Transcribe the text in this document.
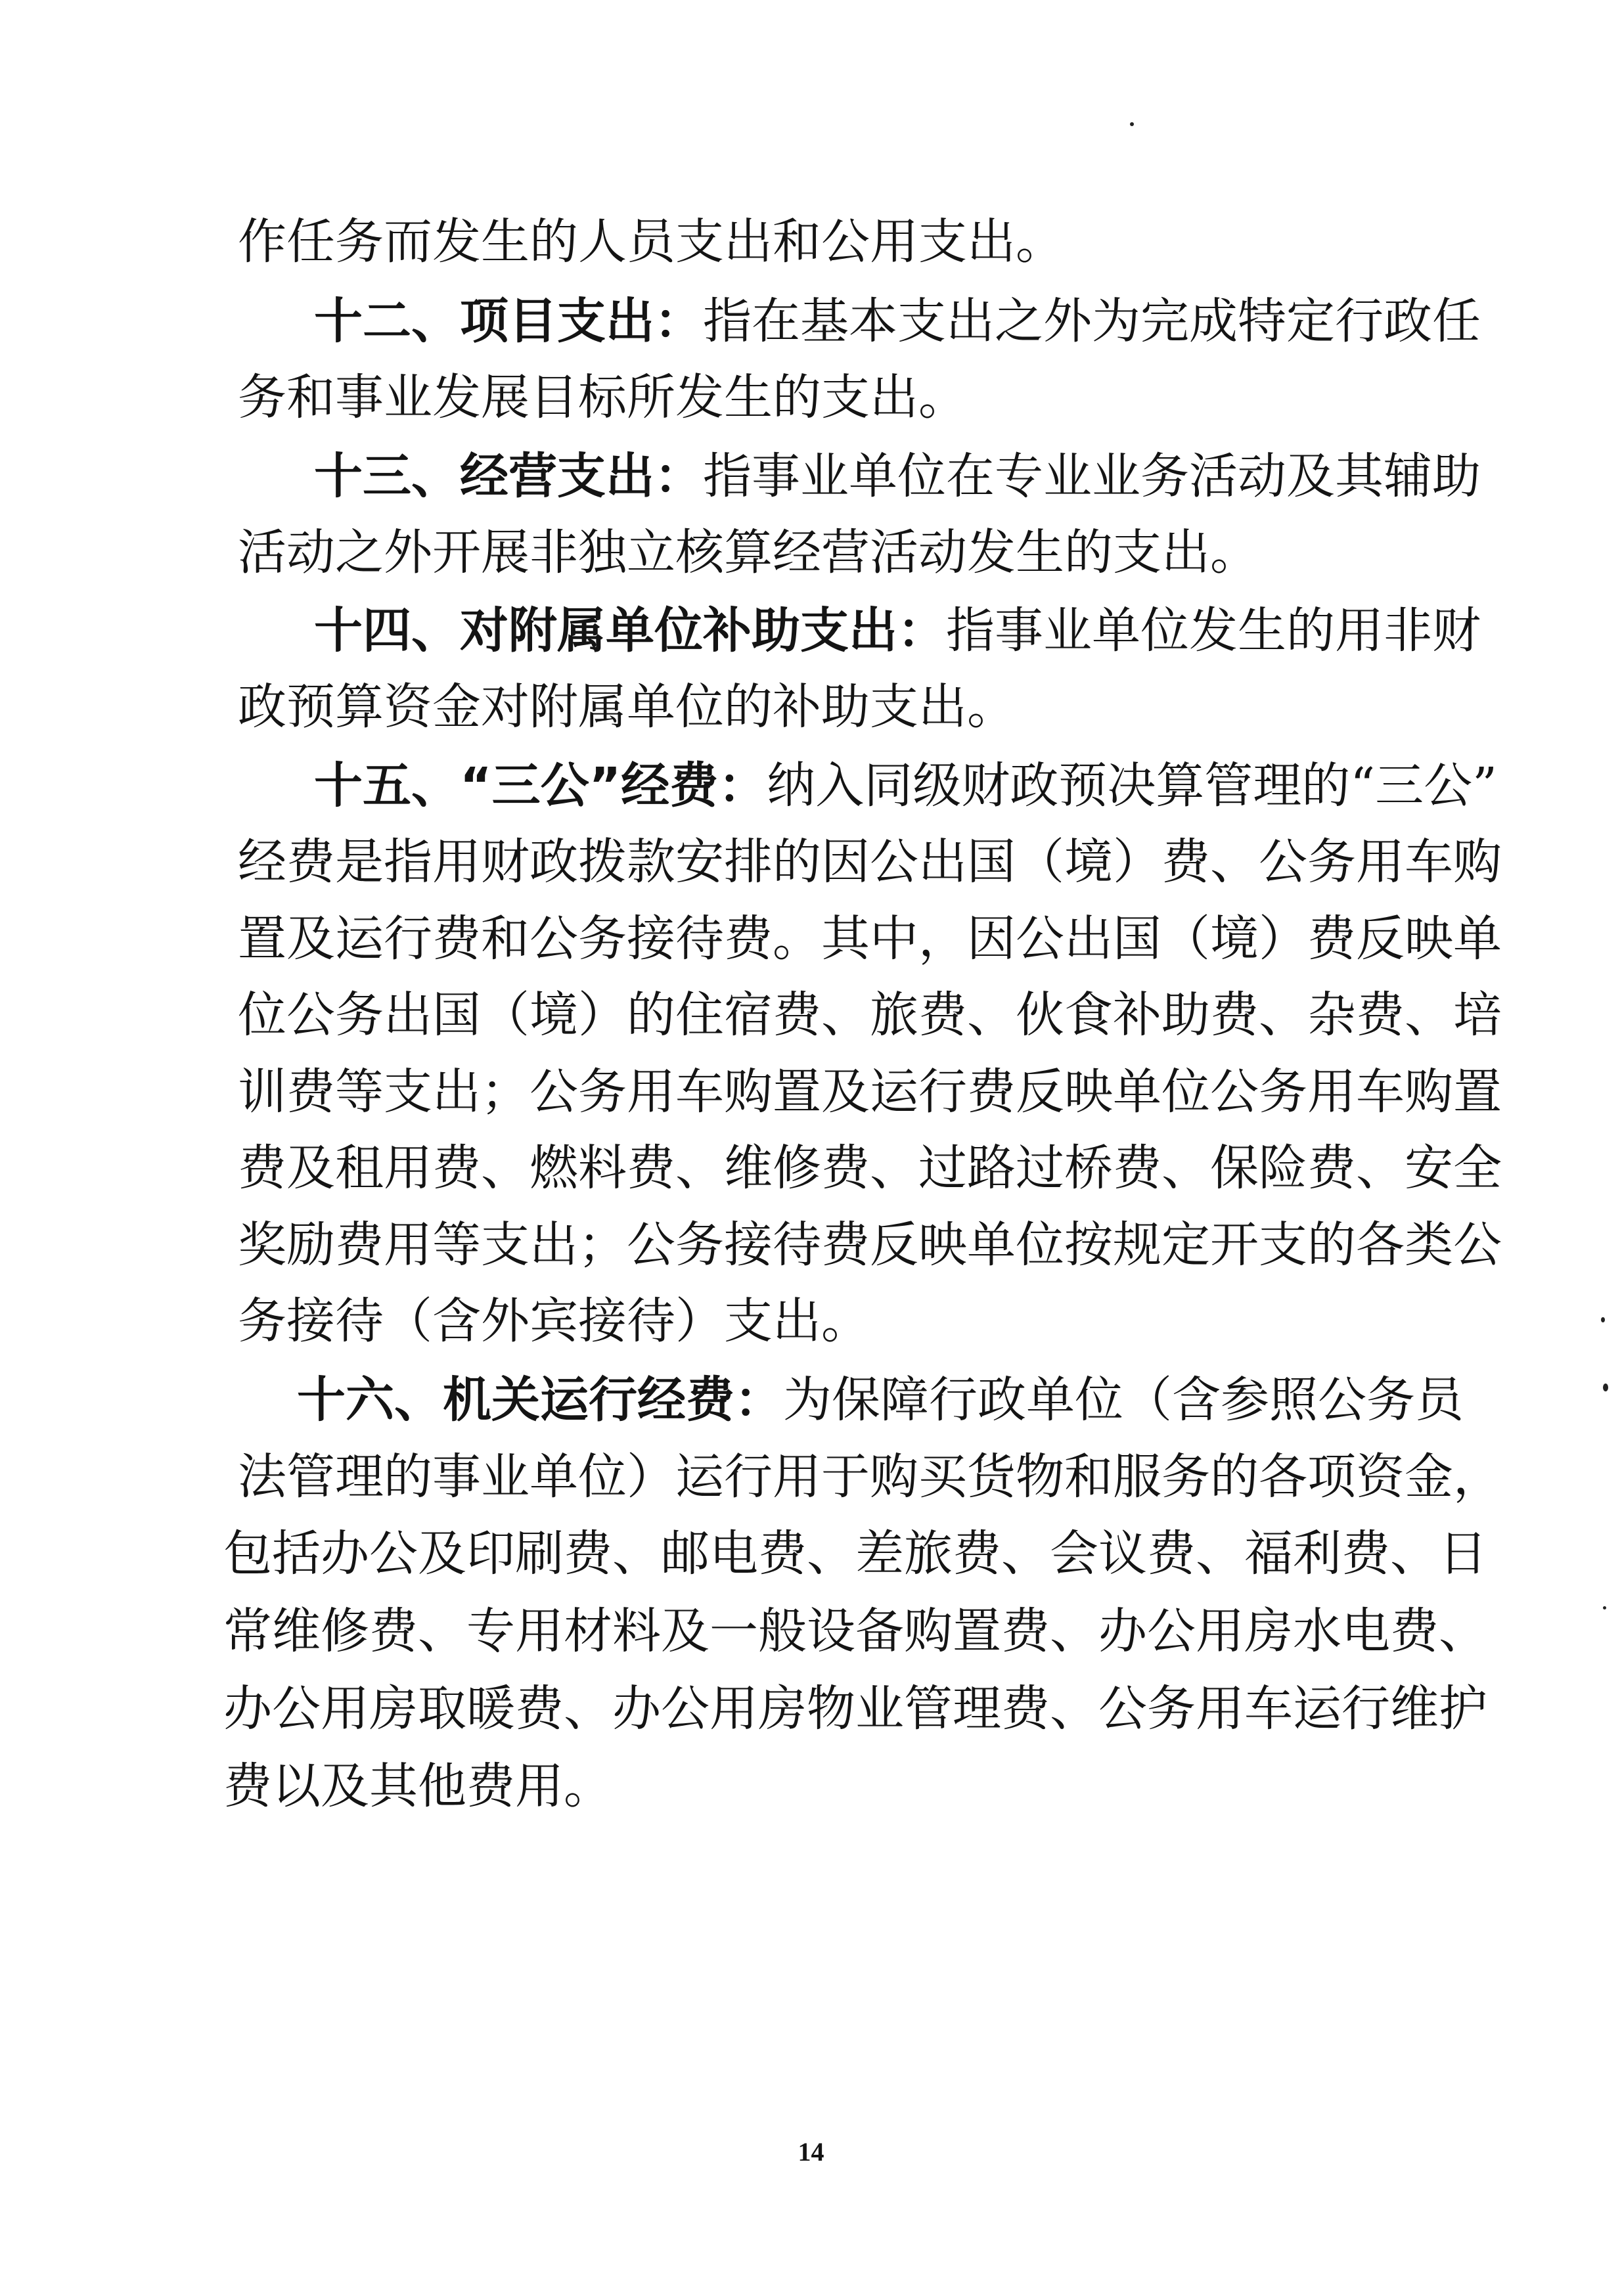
作任务而发生的人员支出和公用支出。
十二、项目支出：指在基本支出之外为完成特定行政任
务和事业发展目标所发生的支出。
十三、经营支出：指事业单位在专业业务活动及其辅助
活动之外开展非独立核算经营活动发生的支出。
十四、对附属单位补助支出：指事业单位发生的用非财
政预算资金对附属单位的补助支出。
十五、“三公”经费：纳入同级财政预决算管理的“三公”
经费是指用财政拨款安排的因公出国（境）费、公务用车购
置及运行费和公务接待费。其中，因公出国（境）费反映单
位公务出国（境）的住宿费、旅费、伙食补助费、杂费、培
训费等支出；公务用车购置及运行费反映单位公务用车购置
费及租用费、燃料费、维修费、过路过桥费、保险费、安全
奖励费用等支出；公务接待费反映单位按规定开支的各类公
务接待（含外宾接待）支出。
十六、机关运行经费：为保障行政单位（含参照公务员
法管理的事业单位）运行用于购买货物和服务的各项资金，
包括办公及印刷费、邮电费、差旅费、会议费、福利费、日
常维修费、专用材料及一般设备购置费、办公用房水电费、
办公用房取暖费、办公用房物业管理费、公务用车运行维护
费以及其他费用。
14
